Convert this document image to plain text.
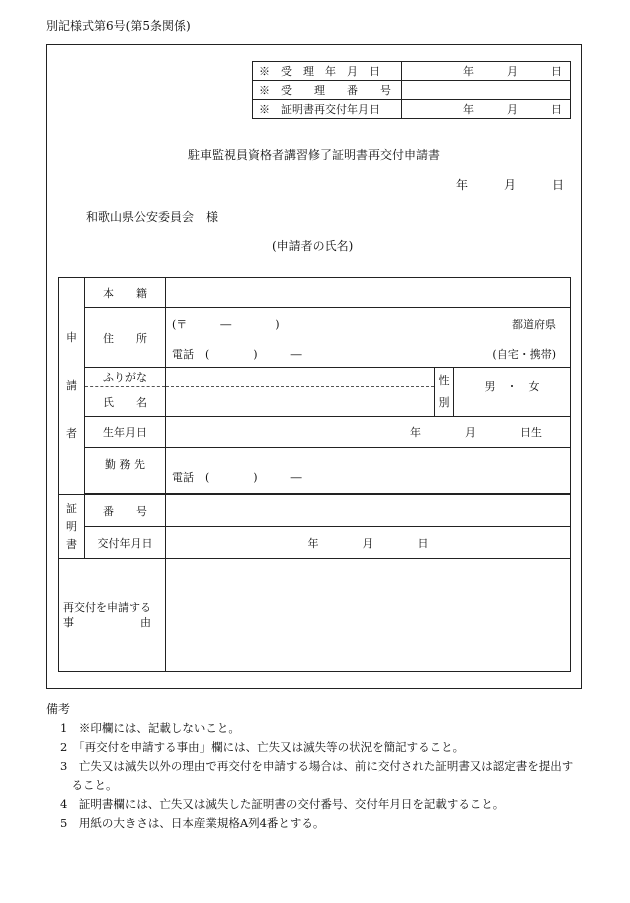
別記様式第6号(第5条関係)
※　受　理　年　月　日	年　　　月　　　日
※　受　　理　　番　　号	
※　証明書再交付年月日	年　　　月　　　日
駐車監視員資格者講習修了証明書再交付申請書
年　　　月　　　日
和歌山県公安委員会　様
(申請者の氏名)
申請者	本　　籍			
	住　　所	(〒　　　―　　　　) 都道府県
電話　(　　　　)　　　― (自宅・携帯)		

	ふりがな		性別	男　・　女
	氏　　名			
	生年月日	年　　　　月　　　　日生		
	勤 務 先	電話　(　　　　)　　　―		

証明書	番　　号			
	交付年月日	年　　　　月　　　　日		

再交付を申請する事　　　　　　由				

備考
1　※印欄には、記載しないこと。
2　「再交付を申請する事由」欄には、亡失又は滅失等の状況を簡記すること。
3　亡失又は滅失以外の理由で再交付を申請する場合は、前に交付された証明書又は認定書を提出す
　ること。
4　証明書欄には、亡失又は滅失した証明書の交付番号、交付年月日を記載すること。
5　用紙の大きさは、日本産業規格A列4番とする。
